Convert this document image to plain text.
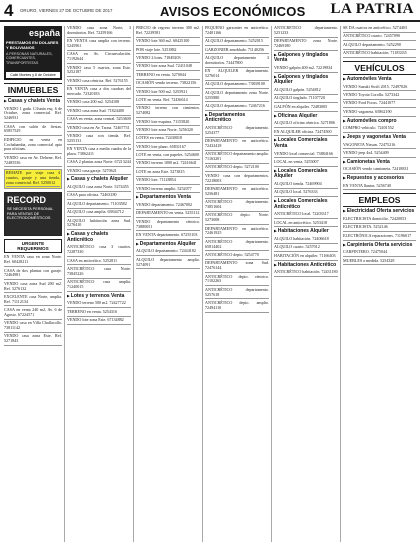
4 ORURO, VIERNES 27 DE OCTUBRE DE 2017	AVISOS ECONÓMICOS LA PATRIA
españa
PRESTAMOS EN DOLARES Y BOLIVIANOS
A PERSONAS NATURALES, COMERCIANTES, TRANSPORTISTAS
Calle Montes y 6 de Octubre
INMUEBLES
▶ Casas y chalets Venta
VENDO 1 gada. C/Junín esq. 6 de Octubre, zona comercial. Ref. 5246931
CASA con salón de fiestas. 65857529
EDIFICIO en venta en Cochabamba, zona comercial apto para oficinas.
VENDO casa en Av. Dehene, Ref. 72485536
REMATE por viaje casa 4 cuartos, garaje y una tienda, zona comercial. Ref. 5250012
RECORD
SE NECESITA PERSONAL PARA VENTAS DE ELECTRODOMÉSTICOS
URGENTE REQUERIMOS
EN VENTA casa en zona Norte. Ref. 60428211
CASA de dos plantas con garaje. 72464981
VENDO casa zona Sud 200 m2. Ref. 5276132
EXCELENTE casa Norte, amplia. Ref. 71112134
CASA en venta 240 m2, Av. 6 de Agosto. 67224571
VENDO casa en Villa Challacollo. 73811142
VENDO casa zona Este. Ref. 5271843
VENDO casa zona Norte, 3 dormitorios. Ref. 72259166
EN VENTA casa amplia con terreno. 5245961
CASA en Av. Circunvalación. 71192644
VENDO casa 5 cuartos, zona Este. 5252187
VENDO casa céntrica. Ref. 5276155
EN VENTA casa a dos cuadras del mercado. 72320183
VENDO casa 200 m2. 5254108
VENDO casa zona Sud. 71824400
CASA en venta, zona central. 5253600
VENDO casa en Av. Tacna. 72467731
VENDO casa con tienda. Ref. 5255131
EN VENTA casa a media cuadra de la plaza. 73862411
CASA 2 plantas zona Norte. 67213244
VENDO casa garaje. 5270621
▶ Casas y chalets Alquiler
ALQUILO casa zona Norte. 5274455
CASA para oficina. 72463180
ALQUILO departamento. 71103582
ALQUILO casa amplia. 65844712
ALQUILO habitación zona Sud. 5276410
▶ Casas y chalets Anticrético
ANTICRÉTICO casa 3 cuartos. 72287330
CASA en anticrético. 5252811
ANTICRÉTICO casa Norte. 73845226
ANTICRÉTICO casa amplia. 71240015
▶ Lotes y terrenos Venta
VENDO terreno 500 m2. 72427722
TERRENO en venta. 5254316
VENDO lote zona Este. 67134882
PRECIO de regreso terreno 300 m2. Ref. 72239581
VENDO lote 360 m2. 60425100
POR viaje lote. 5251882
VENDO 2 lotes. 71849203
VENDO lote zona Sud. 72411048
TERRENO en venta. 5270044
OCASIÓN vendo terreno. 73822156
VENDO lote 500 m2. 5255921
LOTE en venta. Ref. 72436614
VENDO terreno con cimientos. 5274082
VENDO lote esquina. 71155820
VENDO lote zona Norte. 5256320
LOTES en venta. 72430018
VENDO lote plano. 65831167
LOTE en venta, con papeles. 5254600
VENDO terreno 1000 m2. 72416641
LOTE en zona Este. 5273815
VENDO lote. 71128854
VENDO terreno amplio. 5252077
▶ Departamentos Venta
VENDO departamento. 72467002
DEPARTAMENTO en venta. 5255112
VENDO departamento céntrico. 73880051
EN VENTA departamento. 67255103
▶ Departamentos Alquiler
ALQUILO departamento. 72444182
ALQUILO departamento amplio. 5274091
PEQUEÑO garzonier en anticrético. 72401166
ALQUILO departamento. 5252015
GARZONIER amoblado. 71140256
ALQUILO departamento 3 dormitorios. 72447800
EN ALQUILER departamento. 5276014
ALQUILO departamento. 73839100
ALQUILO departamento zona Norte. 5255880
ALQUILO departamento. 72467216
▶ Departamentos Anticrético
ANTICRÉTICO departamento. 5254377
DEPARTAMENTO en anticrético. 72432418
ANTICRÉTICO departamento amplio. 71163201
ANTICRÉTICO depto. 5272100
VENDO casa con departamentos. 72218003
DEPARTAMENTO en anticrético. 5256481
ANTICRÉTICO departamento. 73851604
ANTICRÉTICO depto. Norte. 5273008
DEPARTAMENTO en anticrético. 72461925
ANTICRÉTICO departamento. 65814402
ANTICRÉTICO depto. 5254770
DEPARTAMENTO zona Sud. 72476144
ANTICRÉTICO depto. céntrico. 71102263
ANTICRÉTICO departamento. 5257618
ANTICRÉTICO depto. amplio. 72494110
ANTICRÉTICO departamento. 5251233
DEPARTAMENTO zona Norte. 72469180
▶ Galpones y tinglados Venta
VENDO galpón 400 m2. 72219834
▶ Galpones y tinglados Alquiler
ALQUILO galpón. 5254812
ALQUILO tinglado. 71107720
GALPÓN en alquiler. 72483005
▶ Oficinas Alquiler
ALQUILO oficina céntrica. 5271806
EN ALQUILER oficina. 72474500
▶ Locales Comerciales Venta
VENDO local comercial. 73884166
LOCAL en venta. 5255007
▶ Locales Comerciales Alquiler
ALQUILO tienda. 72469904
ALQUILO local. 5276333
▶ Locales Comerciales Anticrético
ANTICRÉTICO local. 72203317
LOCAL en anticrético. 5253418
▶ Habitaciones Alquiler
ALQUILO habitación. 72406618
ALQUILO cuarto. 5257012
HABITACIÓN en alquiler. 71166403
▶ Habitaciones Anticrético
ANTICRÉTICO habitación. 72431180
SE DA cuartos en anticrético. 5274403
ANTICRÉTICO cuarto. 72457090
ALQUILO departamento. 5252290
ANTICRÉTICO habitación. 71183335
VEHÍCULOS
▶ Automóviles Venta
VENDO Suzuki Swift 2015. 72497026
VENDO Toyota Corolla. 5273342
VENDO Ford Focus. 72441077
VENDO vagoneta. 65862190
▶ Automóviles compro
COMPRO vehículo. 72401552
▶ Jeeps y vagonetas Venta
VAGONETA Nissan. 72475216
VENDO jeep 4x4. 5254409
▶ Camionetas Venta
OCASIÓN vendo camioneta. 72418831
▶ Repuestos y accesorios
EN VENTA llantas. 5256740
EMPLEOS
▶ Electricidad Oferta servicios
ELECTRICISTA domicilio. 72420053
ELECTRICISTA. 5252146
ELECTRÓNICA reparaciones. 71196017
▶ Carpintería Oferta servicios
CARPINTERO. 72475044
MUEBLES a medida. 5254328
